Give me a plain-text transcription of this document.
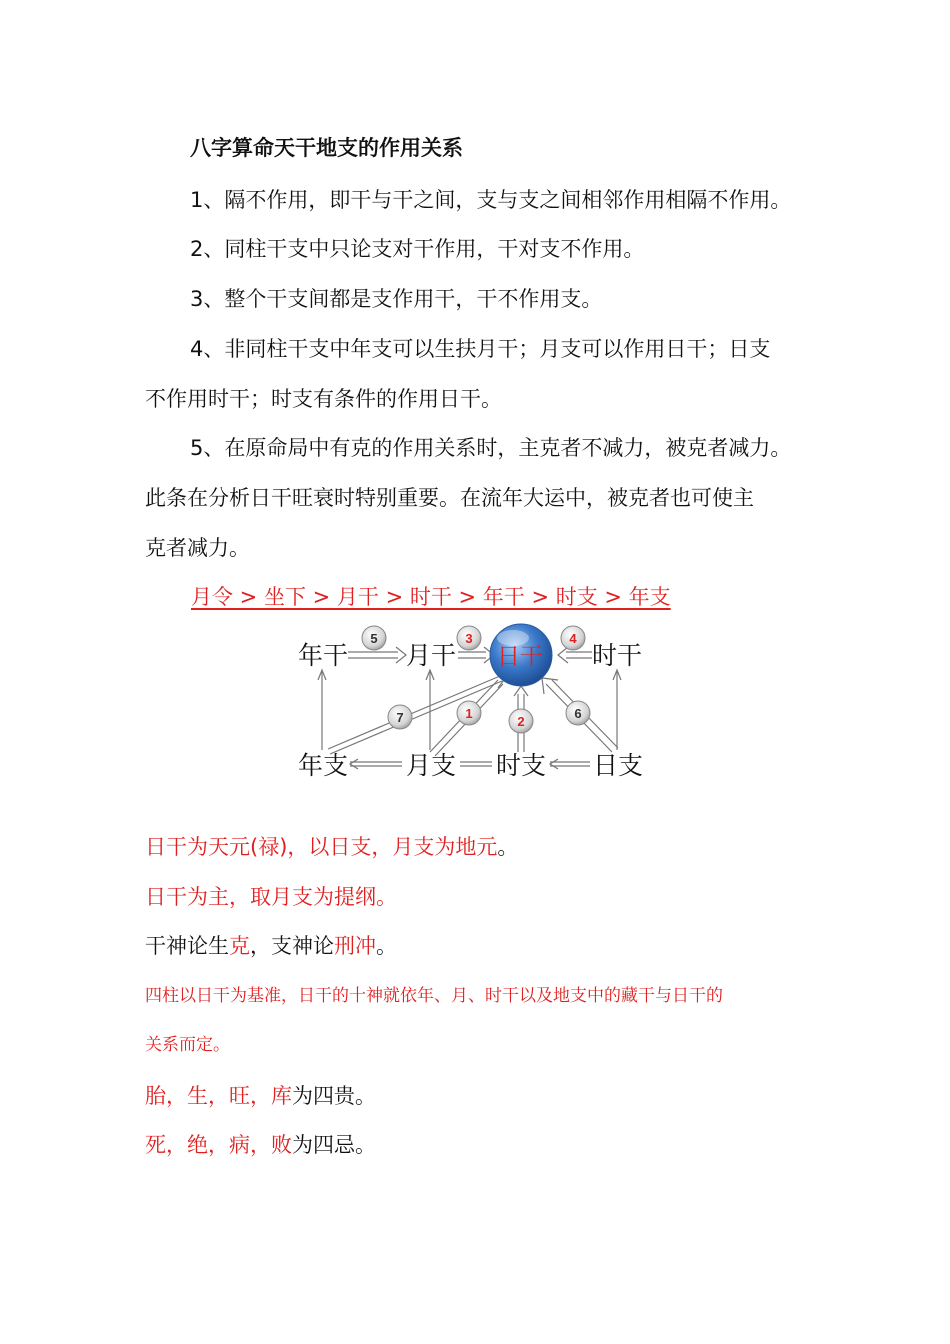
八字算命天干地支的作用关系
1、隔不作用，即干与干之间，支与支之间相邻作用相隔不作用。
2、同柱干支中只论支对干作用，干对支不作用。
3、整个干支间都是支作用干，干不作用支。
4、非同柱干支中年支可以生扶月干；月支可以作用日干；日支
不作用时干；时支有条件的作用日干。
5、在原命局中有克的作用关系时，主克者不减力，被克者减力。
此条在分析日干旺衰时特别重要。在流年大运中，被克者也可使主
克者减力。
月令 > 坐下 > 月干 > 时干 > 年干 > 时支 > 年支
年干 月干 日干 时干
年支 月支 时支 日支
5	3	4
1
2
6
7
日干为天元(禄)，以日支，月支为地元。
日干为主，取月支为提纲。
干神论生克，支神论刑冲。
四柱以日干为基准，日干的十神就依年、月、时干以及地支中的藏干与日干的
关系而定。
胎，生，旺，库为四贵。
死，绝，病，败为四忌。
